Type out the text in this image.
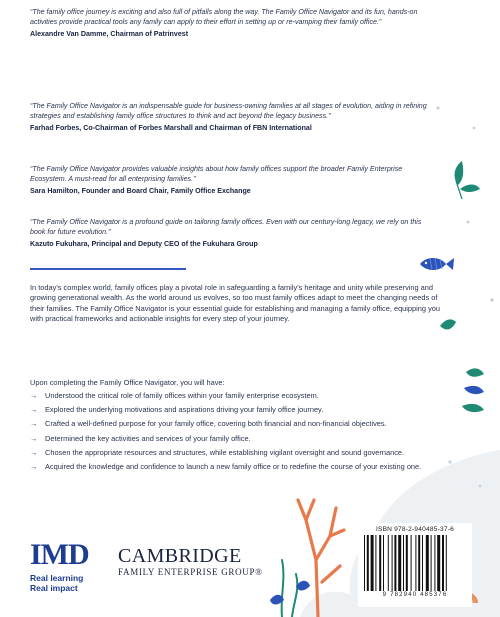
“The family office journey is exciting and also full of pitfalls along the way. The Family Office Navigator and its fun, hands-on activities provide practical tools any family can apply to their effort in setting up or re-vamping their family office.”

Alexandre Van Damme, Chairman of Patrinvest

“The Family Office Navigator is an indispensable guide for business-owning families at all stages of evolution, aiding in refining strategies and establishing family office structures to think and act beyond the legacy business.”

Farhad Forbes, Co-Chairman of Forbes Marshall and Chairman of FBN International

“The Family Office Navigator provides valuable insights about how family offices support the broader Family Enterprise Ecosystem. A must-read for all enterprising families.”

Sara Hamilton, Founder and Board Chair, Family Office Exchange

“The Family Office Navigator is a profound guide on tailoring family offices. Even with our century-long legacy, we rely on this book for future evolution.”

Kazuto Fukuhara, Principal and Deputy CEO of the Fukuhara Group

In today’s complex world, family offices play a pivotal role in safeguarding a family’s heritage and unity while preserving and growing generational wealth. As the world around us evolves, so too must family offices adapt to meet the changing needs of their families. The Family Office Navigator is your essential guide for establishing and managing a family office, equipping you with practical frameworks and actionable insights for every step of your journey.

Upon completing the Family Office Navigator, you will have:

→	Understood the critical role of family offices within your family enterprise ecosystem.
→	Explored the underlying motivations and aspirations driving your family office journey.
→	Crafted a well-defined purpose for your family office, covering both financial and non-financial objectives.
→	Determined the key activities and services of your family office.
→	Chosen the appropriate resources and structures, while establishing vigilant oversight and sound governance.
→	Acquired the knowledge and confidence to launch a new family office or to redefine the course of your existing one.
IMD
Real learning
Real impact
CAMBRIDGE
FAMILY ENTERPRISE GROUP®
ISBN 978-2-940485-37-6
9 782940 485376
